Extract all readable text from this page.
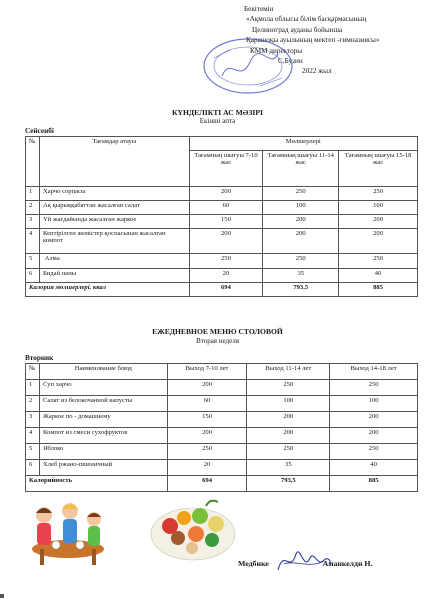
Бекітемін
«Ақмола облысы білім басқармасының
Целиноград ауданы бойынша
Қарашоқы ауылының мектеп -гимназиясы»
КММ директоры
С.Бузин
2022 жыл
КҮНДЕЛІКТІ АС МӘЗІРІ
Екінші апта
Сейсенбі
№	Тағамдар атауы	Мөлшерлері		
		Тағамның шығуы 7-10 жас	Тағамның шығуы 11-14 жас	Тағамның шығуы 15-18 жас
1	Харчо сорпасы	200	250	250
2	Ақ қырыққабаттан жасалған салат	60	100	100
3	Үй жағдайында жасалған жаркое	150	200	200
4	Кептірілген жемістер қоспасынан жасалған компот	200	200	200
5	Алма	250	250	250
6	Бидай наны	20	35	40
Калория мөлшерлері, ккал		694	793,5	885
ЕЖЕДНЕВНОЕ МЕНЮ СТОЛОВОЙ
Вторая неделя
Вторник
№	Наименование блюд	Выход 7-10 лет	Выход 11-14 лет	Выход 14-18 лет
1	Суп харчо	200	250	250
2	Салат из белокочанной капусты	60	100	100
3	Жаркое по - домашнему	150	200	200
4	Компот из смеси сухофруктов	200	200	200
5	Яблоко	250	250	250
6	Хлеб ржано-пшеничный	20	35	40
Калорийность		694	793,5	885
Медбике	Аманкелди Н.
